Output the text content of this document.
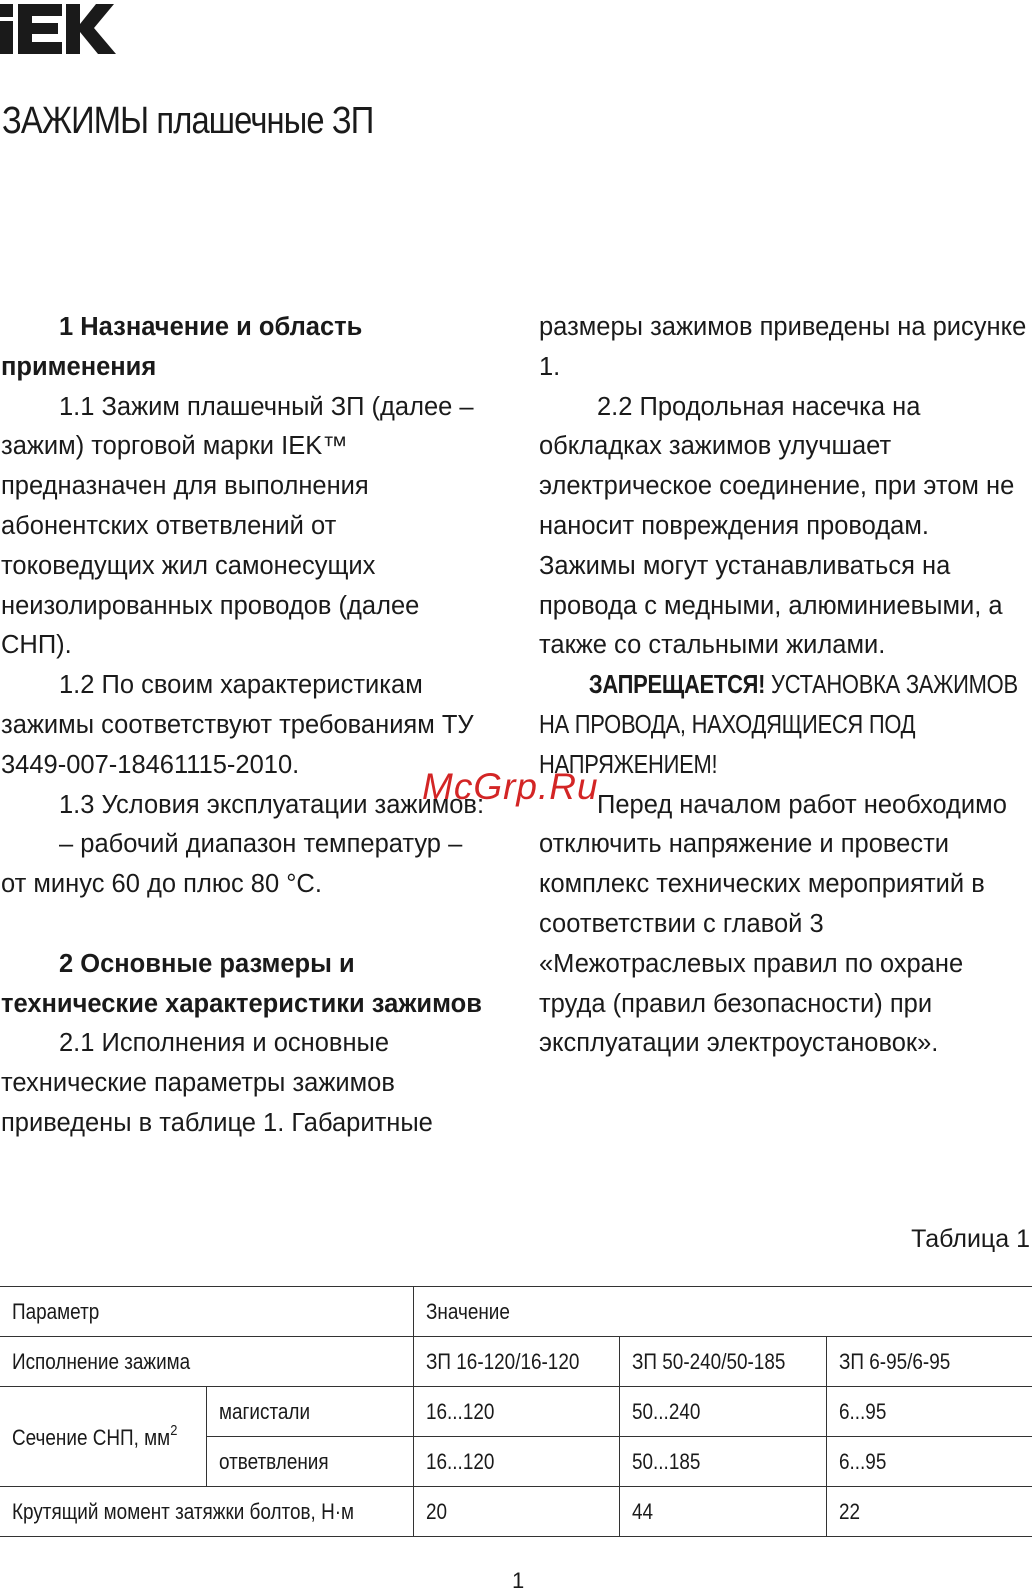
ЗАЖИМЫ плашечные ЗП

1 Назначение и область применения

1.1 Зажим плашечный ЗП (далее – зажим) торговой марки IEK™ предназначен для выполнения абонентских ответвлений от токоведущих жил самонесущих неизолированных проводов (далее СНП).

1.2 По своим характеристикам зажимы соответствуют требованиям ТУ 3449-007-18461115-2010.

1.3 Условия эксплуатации зажимов:

– рабочий диапазон температур – от минус 60 до плюс 80 °С.

2 Основные размеры и технические характеристики зажимов

2.1 Исполнения и основные технические параметры зажимов приведены в таблице 1. Габаритные

размеры зажимов приведены на рисунке 1.

2.2 Продольная насечка на обкладках зажимов улучшает электрическое соединение, при этом не наносит повреждения проводам. Зажимы могут устанавливаться на провода с медными, алюминиевыми, а также со стальными жилами.

ЗАПРЕЩАЕТСЯ! УСТАНОВКА ЗАЖИМОВ НА ПРОВОДА, НАХОДЯЩИЕСЯ ПОД НАПРЯЖЕНИЕМ!

Перед началом работ необходимо отключить напряжение и провести комплекс технических мероприятий в соответствии с главой 3 «Межотраслевых правил по охране труда (правил безопасности) при эксплуатации электроустановок».

McGrp.Ru
Таблица 1
Параметр		Значение		
Исполнение зажима		ЗП 16-120/16-120	ЗП 50-240/50-185	ЗП 6-95/6-95
Сечение СНП, $мм^2$	магистали	16...120	50...240	6...95
	ответвления	16...120	50...185	6...95
Крутящий момент затяжки болтов, Н·м		20	44	22
1
